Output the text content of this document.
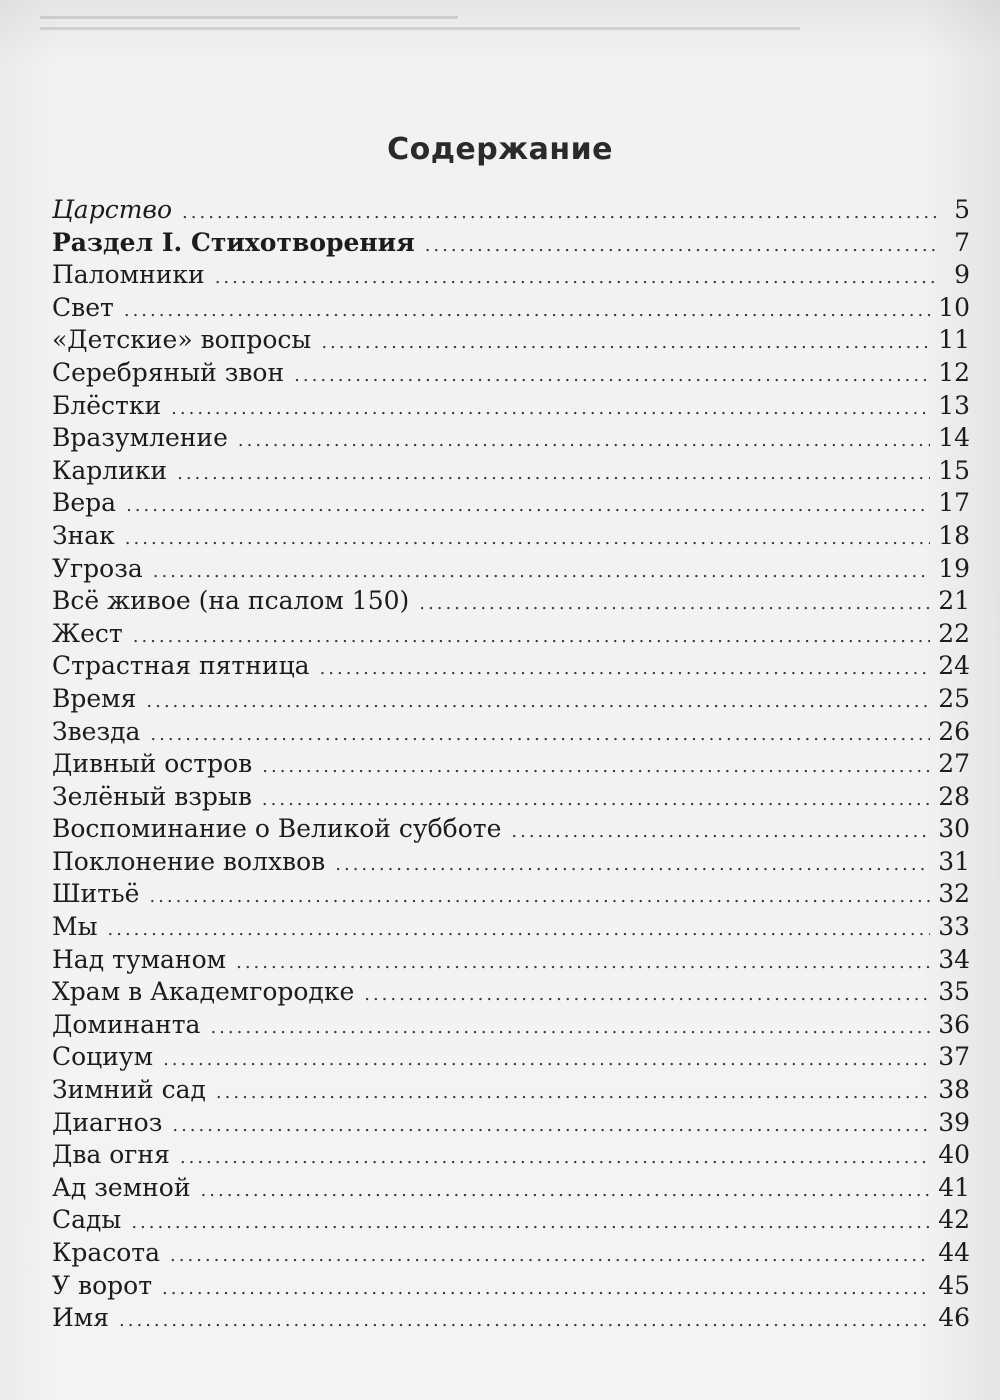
Содержание
Царство .....	5
Раздел I. Стихотворения .....	7
Паломники .....	9
Свет .....	10
«Детские» вопросы .....	11
Серебряный звон .....	12
Блёстки .....	13
Вразумление .....	14
Карлики .....	15
Вера .....	17
Знак .....	18
Угроза .....	19
Всё живое (на псалом 150) .....	21
Жест .....	22
Страстная пятница .....	24
Время .....	25
Звезда .....	26
Дивный остров .....	27
Зелёный взрыв .....	28
Воспоминание о Великой субботе .....	30
Поклонение волхвов .....	31
Шитьё .....	32
Мы .....	33
Над туманом .....	34
Храм в Академгородке .....	35
Доминанта .....	36
Социум .....	37
Зимний сад .....	38
Диагноз .....	39
Два огня .....	40
Ад земной .....	41
Сады .....	42
Красота .....	44
У ворот .....	45
Имя .....	46
